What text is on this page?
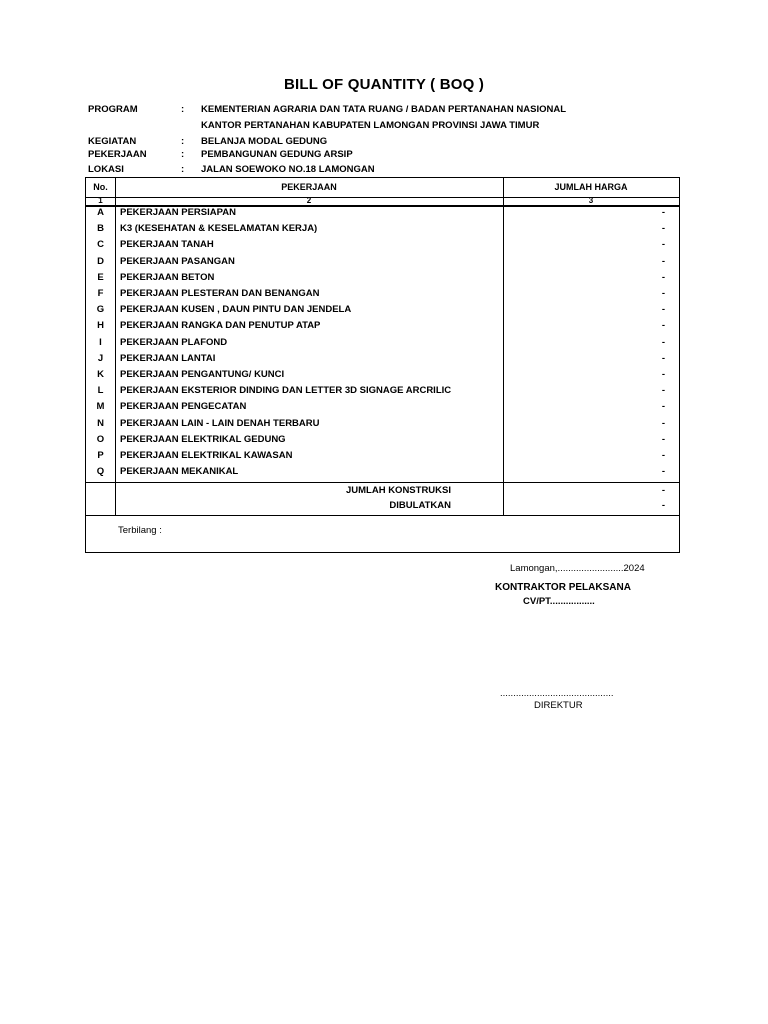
BILL OF QUANTITY ( BOQ )
PROGRAM	: KEMENTERIAN AGRARIA DAN TATA RUANG / BADAN PERTANAHAN NASIONAL
KANTOR PERTANAHAN KABUPATEN LAMONGAN PROVINSI JAWA TIMUR
KEGIATAN	: BELANJA MODAL GEDUNG
PEKERJAAN	: PEMBANGUNAN GEDUNG ARSIP
LOKASI	: JALAN SOEWOKO NO.18 LAMONGAN
No.	PEKERJAAN	JUMLAH HARGA
1	2	3
A	PEKERJAAN PERSIAPAN	-
B	K3 (KESEHATAN & KESELAMATAN KERJA)	-
C	PEKERJAAN TANAH	-
D	PEKERJAAN PASANGAN	-
E	PEKERJAAN BETON	-
F	PEKERJAAN PLESTERAN DAN BENANGAN	-
G	PEKERJAAN KUSEN , DAUN PINTU DAN JENDELA	-
H	PEKERJAAN RANGKA DAN PENUTUP ATAP	-
I	PEKERJAAN PLAFOND	-
J	PEKERJAAN LANTAI	-
K	PEKERJAAN PENGANTUNG/ KUNCI	-
L	PEKERJAAN EKSTERIOR DINDING DAN LETTER 3D SIGNAGE ARCRILIC	-
M	PEKERJAAN PENGECATAN	-
N	PEKERJAAN LAIN - LAIN DENAH TERBARU	-
O	PEKERJAAN ELEKTRIKAL GEDUNG	-
P	PEKERJAAN ELEKTRIKAL KAWASAN	-
Q	PEKERJAAN MEKANIKAL	-
JUMLAH KONSTRUKSI	-
DIBULATKAN	-
Terbilang :
Lamongan,.........................2024
KONTRAKTOR PELAKSANA
CV/PT.................
...........................................
DIREKTUR
